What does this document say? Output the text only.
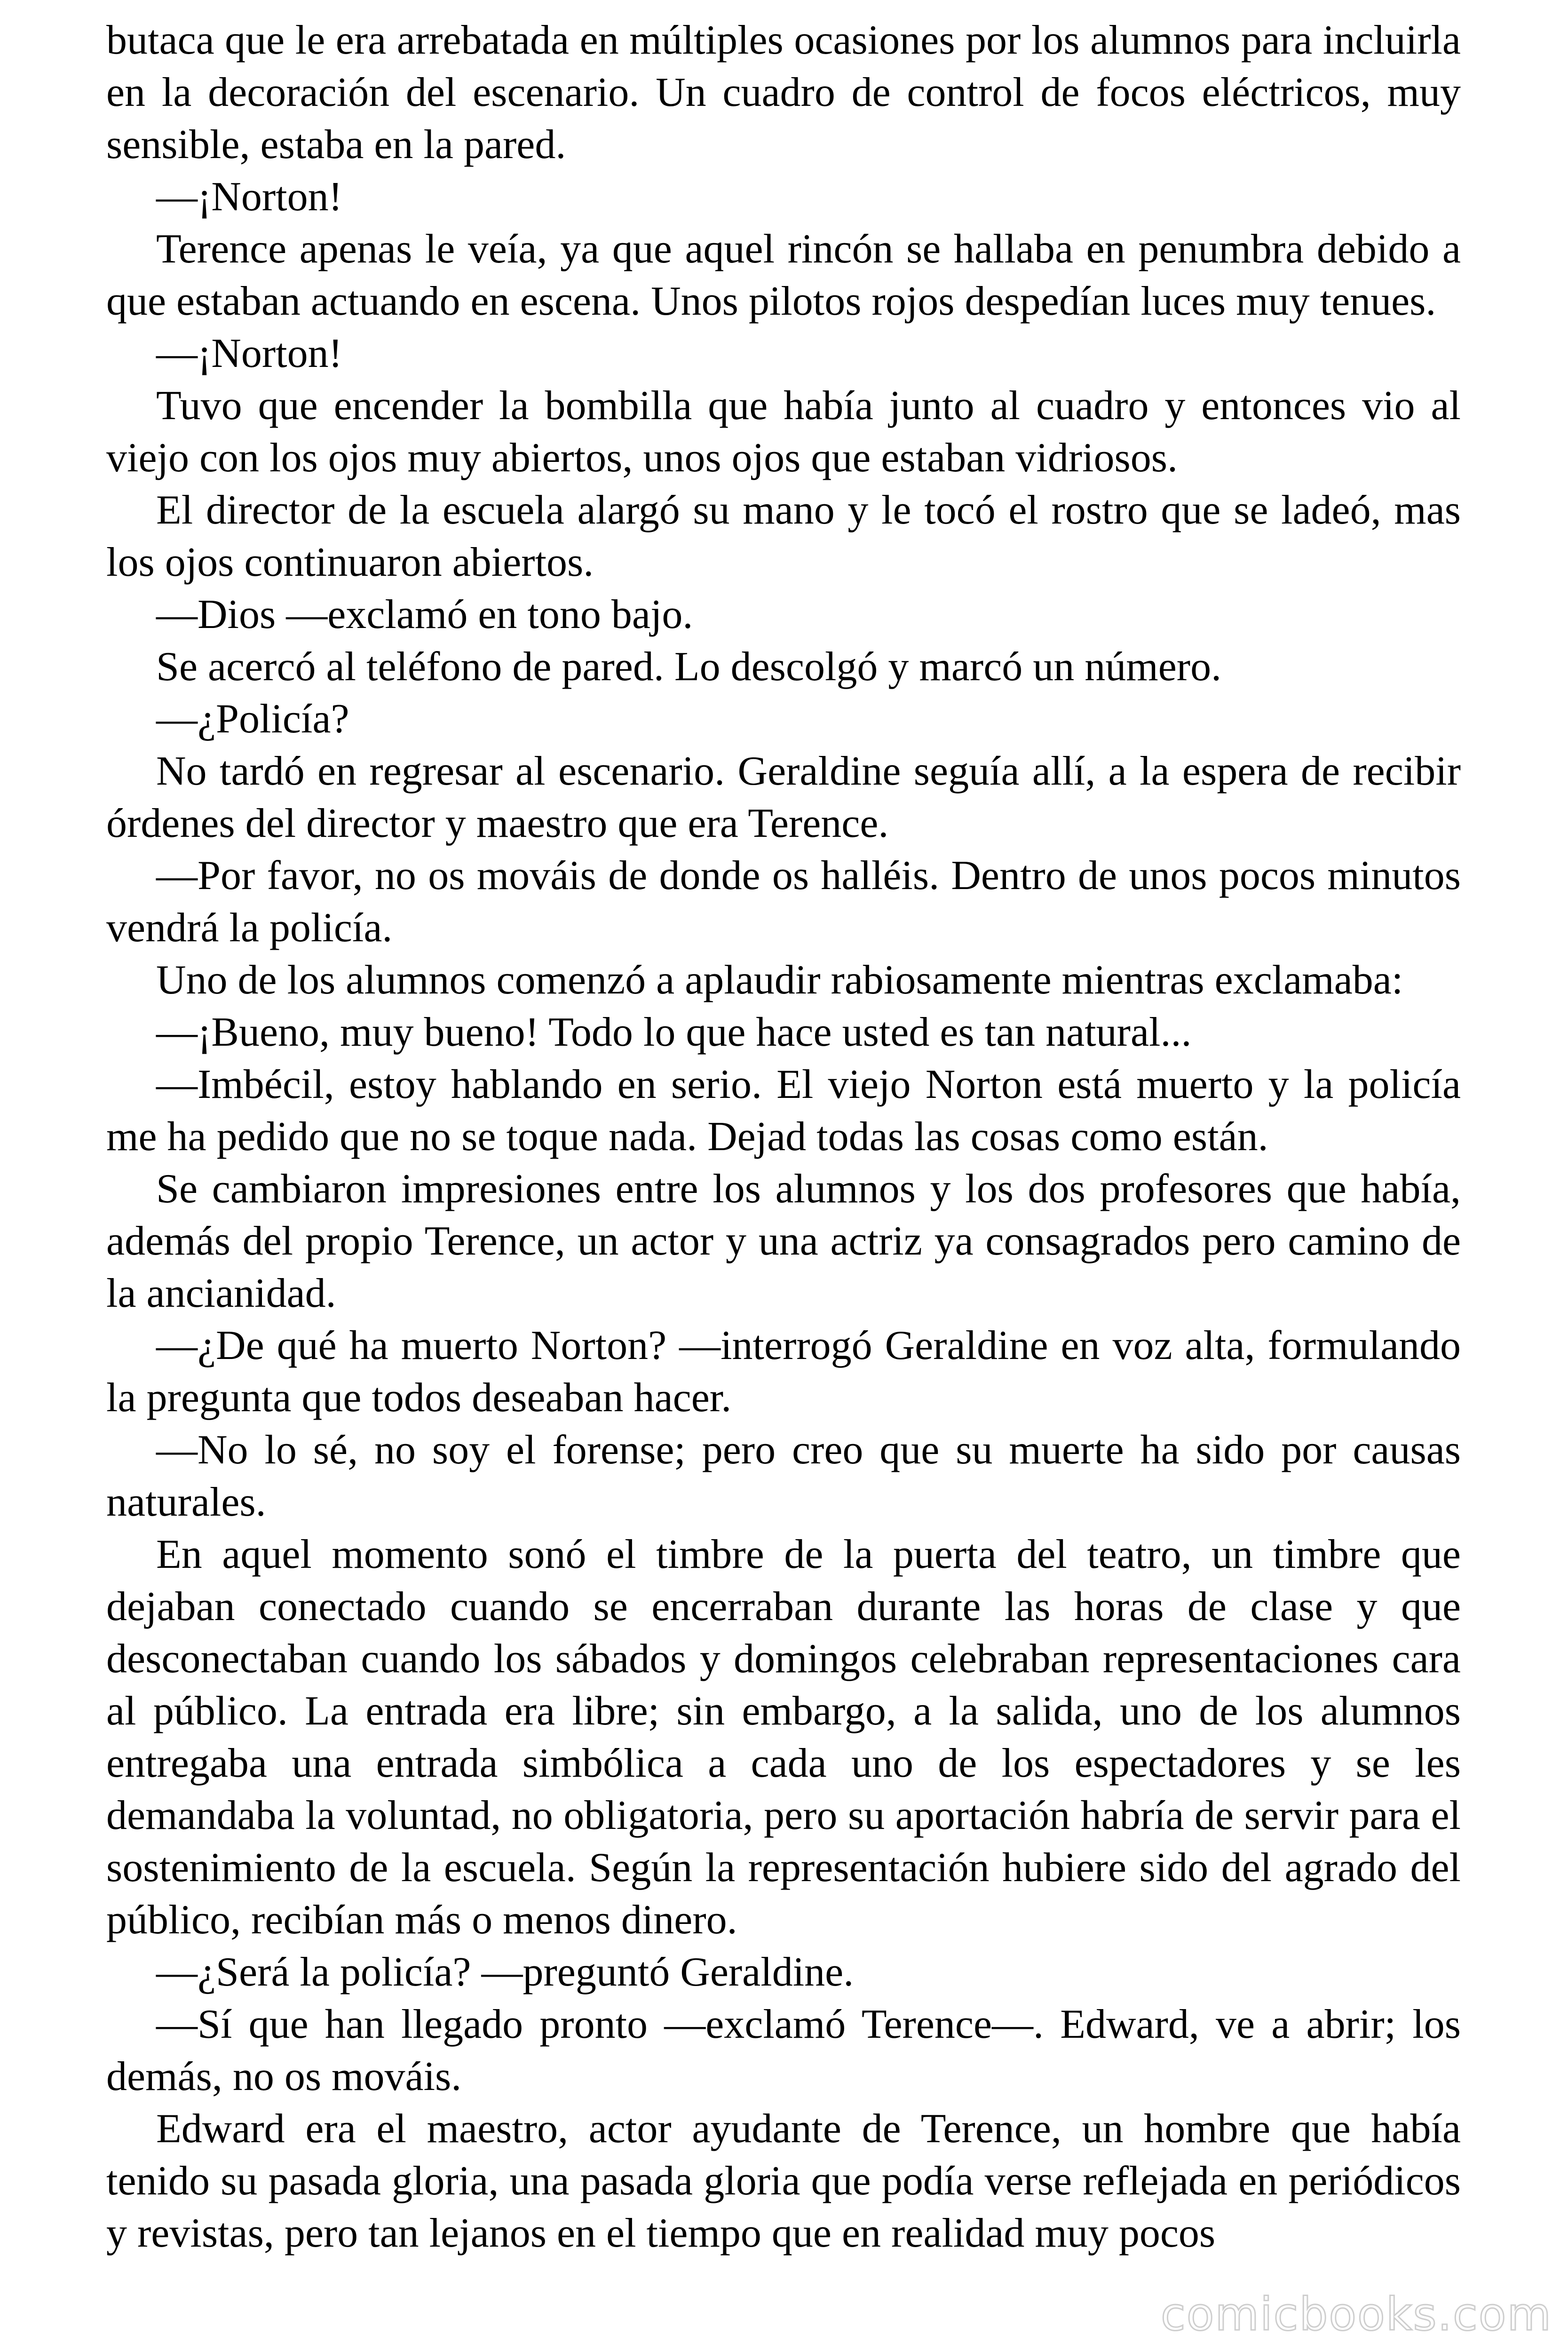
butaca que le era arrebatada en múltiples ocasiones por los alumnos para incluirla en la decoración del escenario. Un cuadro de control de focos eléctricos, muy sensible, estaba en la pared.

—¡Norton!

Terence apenas le veía, ya que aquel rincón se hallaba en penumbra debido a que estaban actuando en escena. Unos pilotos rojos despedían luces muy tenues.

—¡Norton!

Tuvo que encender la bombilla que había junto al cuadro y entonces vio al viejo con los ojos muy abiertos, unos ojos que estaban vidriosos.

El director de la escuela alargó su mano y le tocó el rostro que se ladeó, mas los ojos continuaron abiertos.

—Dios —exclamó en tono bajo.

Se acercó al teléfono de pared. Lo descolgó y marcó un número.

—¿Policía?

No tardó en regresar al escenario. Geraldine seguía allí, a la espera de recibir órdenes del director y maestro que era Terence.

—Por favor, no os mováis de donde os halléis. Dentro de unos pocos minutos vendrá la policía.

Uno de los alumnos comenzó a aplaudir rabiosamente mientras exclamaba:

—¡Bueno, muy bueno! Todo lo que hace usted es tan natural...

—Imbécil, estoy hablando en serio. El viejo Norton está muerto y la policía me ha pedido que no se toque nada. Dejad todas las cosas como están.

Se cambiaron impresiones entre los alumnos y los dos profesores que había, además del propio Terence, un actor y una actriz ya consagrados pero camino de la ancianidad.

—¿De qué ha muerto Norton? —interrogó Geraldine en voz alta, formulando la pregunta que todos deseaban hacer.

—No lo sé, no soy el forense; pero creo que su muerte ha sido por causas naturales.

En aquel momento sonó el timbre de la puerta del teatro, un timbre que dejaban conectado cuando se encerraban durante las horas de clase y que desconectaban cuando los sábados y domingos celebraban representaciones cara al público. La entrada era libre; sin embargo, a la salida, uno de los alumnos entregaba una entrada simbólica a cada uno de los espectadores y se les demandaba la voluntad, no obligatoria, pero su aportación habría de servir para el sostenimiento de la escuela. Según la representación hubiere sido del agrado del público, recibían más o menos dinero.

—¿Será la policía? —preguntó Geraldine.

—Sí que han llegado pronto —exclamó Terence—. Edward, ve a abrir; los demás, no os mováis.

Edward era el maestro, actor ayudante de Terence, un hombre que había tenido su pasada gloria, una pasada gloria que podía verse reflejada en periódicos y revistas, pero tan lejanos en el tiempo que en realidad muy pocos

comicbooks.com
